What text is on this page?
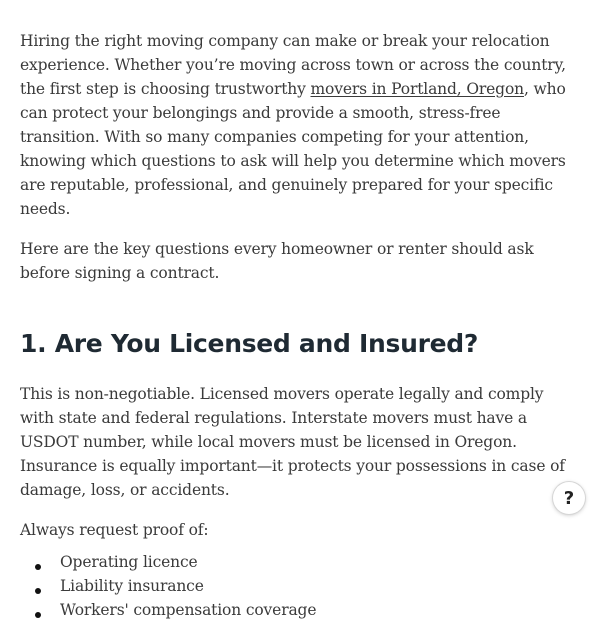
Hiring the right moving company can make or break your relocation experience. Whether you’re moving across town or across the country, the first step is choosing trustworthy movers in Portland, Oregon, who can protect your belongings and provide a smooth, stress-free transition. With so many companies competing for your attention, knowing which questions to ask will help you determine which movers are reputable, professional, and genuinely prepared for your specific needs.

Here are the key questions every homeowner or renter should ask before signing a contract.

1. Are You Licensed and Insured?

This is non-negotiable. Licensed movers operate legally and comply with state and federal regulations. Interstate movers must have a USDOT number, while local movers must be licensed in Oregon. Insurance is equally important—it protects your possessions in case of damage, loss, or accidents.

Always request proof of:

Operating licence
Liability insurance
Workers' compensation coverage
?
